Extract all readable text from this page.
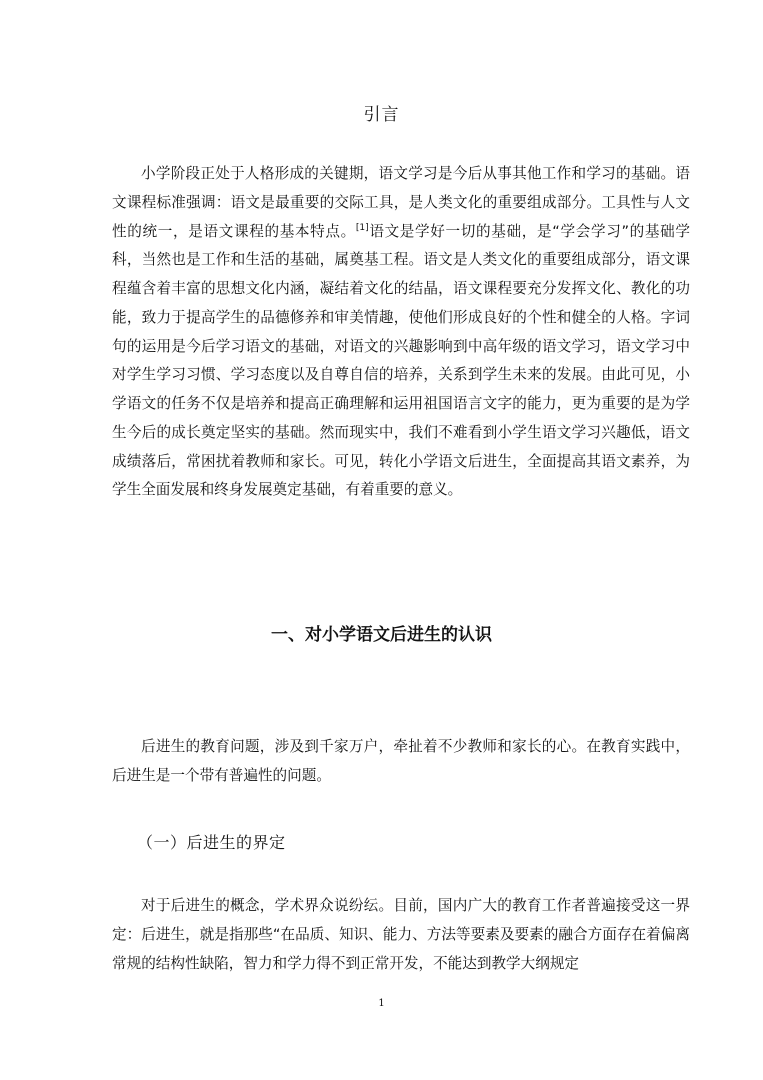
引言

小学阶段正处于人格形成的关键期，语文学习是今后从事其他工作和学习的基础。语文课程标准强调：语文是最重要的交际工具，是人类文化的重要组成部分。工具性与人文性的统一，是语文课程的基本特点。[1]语文是学好一切的基础，是“学会学习”的基础学科，当然也是工作和生活的基础，属奠基工程。语文是人类文化的重要组成部分，语文课程蕴含着丰富的思想文化内涵，凝结着文化的结晶，语文课程要充分发挥文化、教化的功能，致力于提高学生的品德修养和审美情趣，使他们形成良好的个性和健全的人格。字词句的运用是今后学习语文的基础，对语文的兴趣影响到中高年级的语文学习，语文学习中对学生学习习惯、学习态度以及自尊自信的培养，关系到学生未来的发展。由此可见，小学语文的任务不仅是培养和提高正确理解和运用祖国语言文字的能力，更为重要的是为学生今后的成长奠定坚实的基础。然而现实中，我们不难看到小学生语文学习兴趣低，语文成绩落后，常困扰着教师和家长。可见，转化小学语文后进生，全面提高其语文素养，为学生全面发展和终身发展奠定基础，有着重要的意义。

一、对小学语文后进生的认识

后进生的教育问题，涉及到千家万户，牵扯着不少教师和家长的心。在教育实践中，后进生是一个带有普遍性的问题。

（一）后进生的界定

对于后进生的概念，学术界众说纷纭。目前，国内广大的教育工作者普遍接受这一界定：后进生，就是指那些“在品质、知识、能力、方法等要素及要素的融合方面存在着偏离常规的结构性缺陷，智力和学力得不到正常开发，不能达到教学大纲规定

1
